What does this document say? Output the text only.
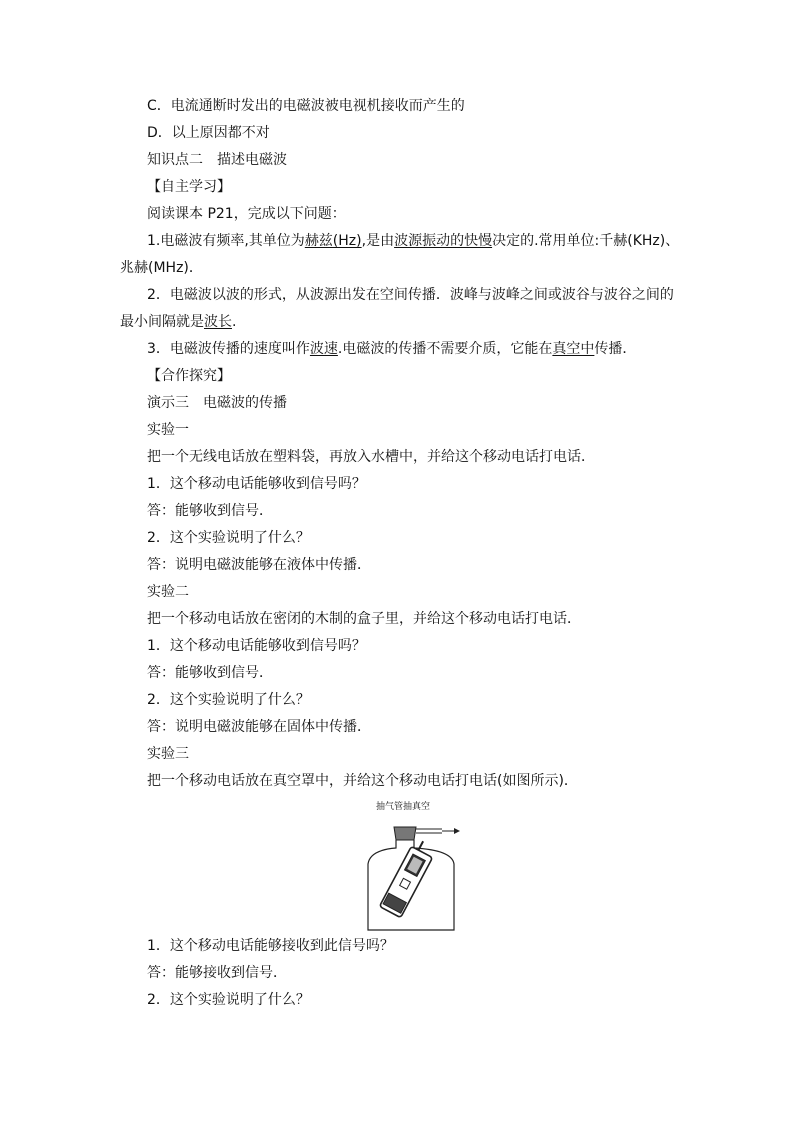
C．电流通断时发出的电磁波被电视机接收而产生的
D．以上原因都不对
知识点二　描述电磁波
【自主学习】
阅读课本 P21，完成以下问题：
1.电磁波有频率,其单位为赫兹(Hz),是由波源振动的快慢决定的.常用单位:千赫(KHz)、
兆赫(MHz)．
2．电磁波以波的形式，从波源出发在空间传播．波峰与波峰之间或波谷与波谷之间的
最小间隔就是波长.
3．电磁波传播的速度叫作波速.电磁波的传播不需要介质，它能在真空中传播．
【合作探究】
演示三　电磁波的传播
实验一
把一个无线电话放在塑料袋，再放入水槽中，并给这个移动电话打电话．
1．这个移动电话能够收到信号吗？
答：能够收到信号．
2．这个实验说明了什么？
答：说明电磁波能够在液体中传播．
实验二
把一个移动电话放在密闭的木制的盒子里，并给这个移动电话打电话．
1．这个移动电话能够收到信号吗？
答：能够收到信号．
2．这个实验说明了什么？
答：说明电磁波能够在固体中传播．
实验三
把一个移动电话放在真空罩中，并给这个移动电话打电话(如图所示)．
抽气管抽真空
1．这个移动电话能够接收到此信号吗？
答：能够接收到信号．
2．这个实验说明了什么？
